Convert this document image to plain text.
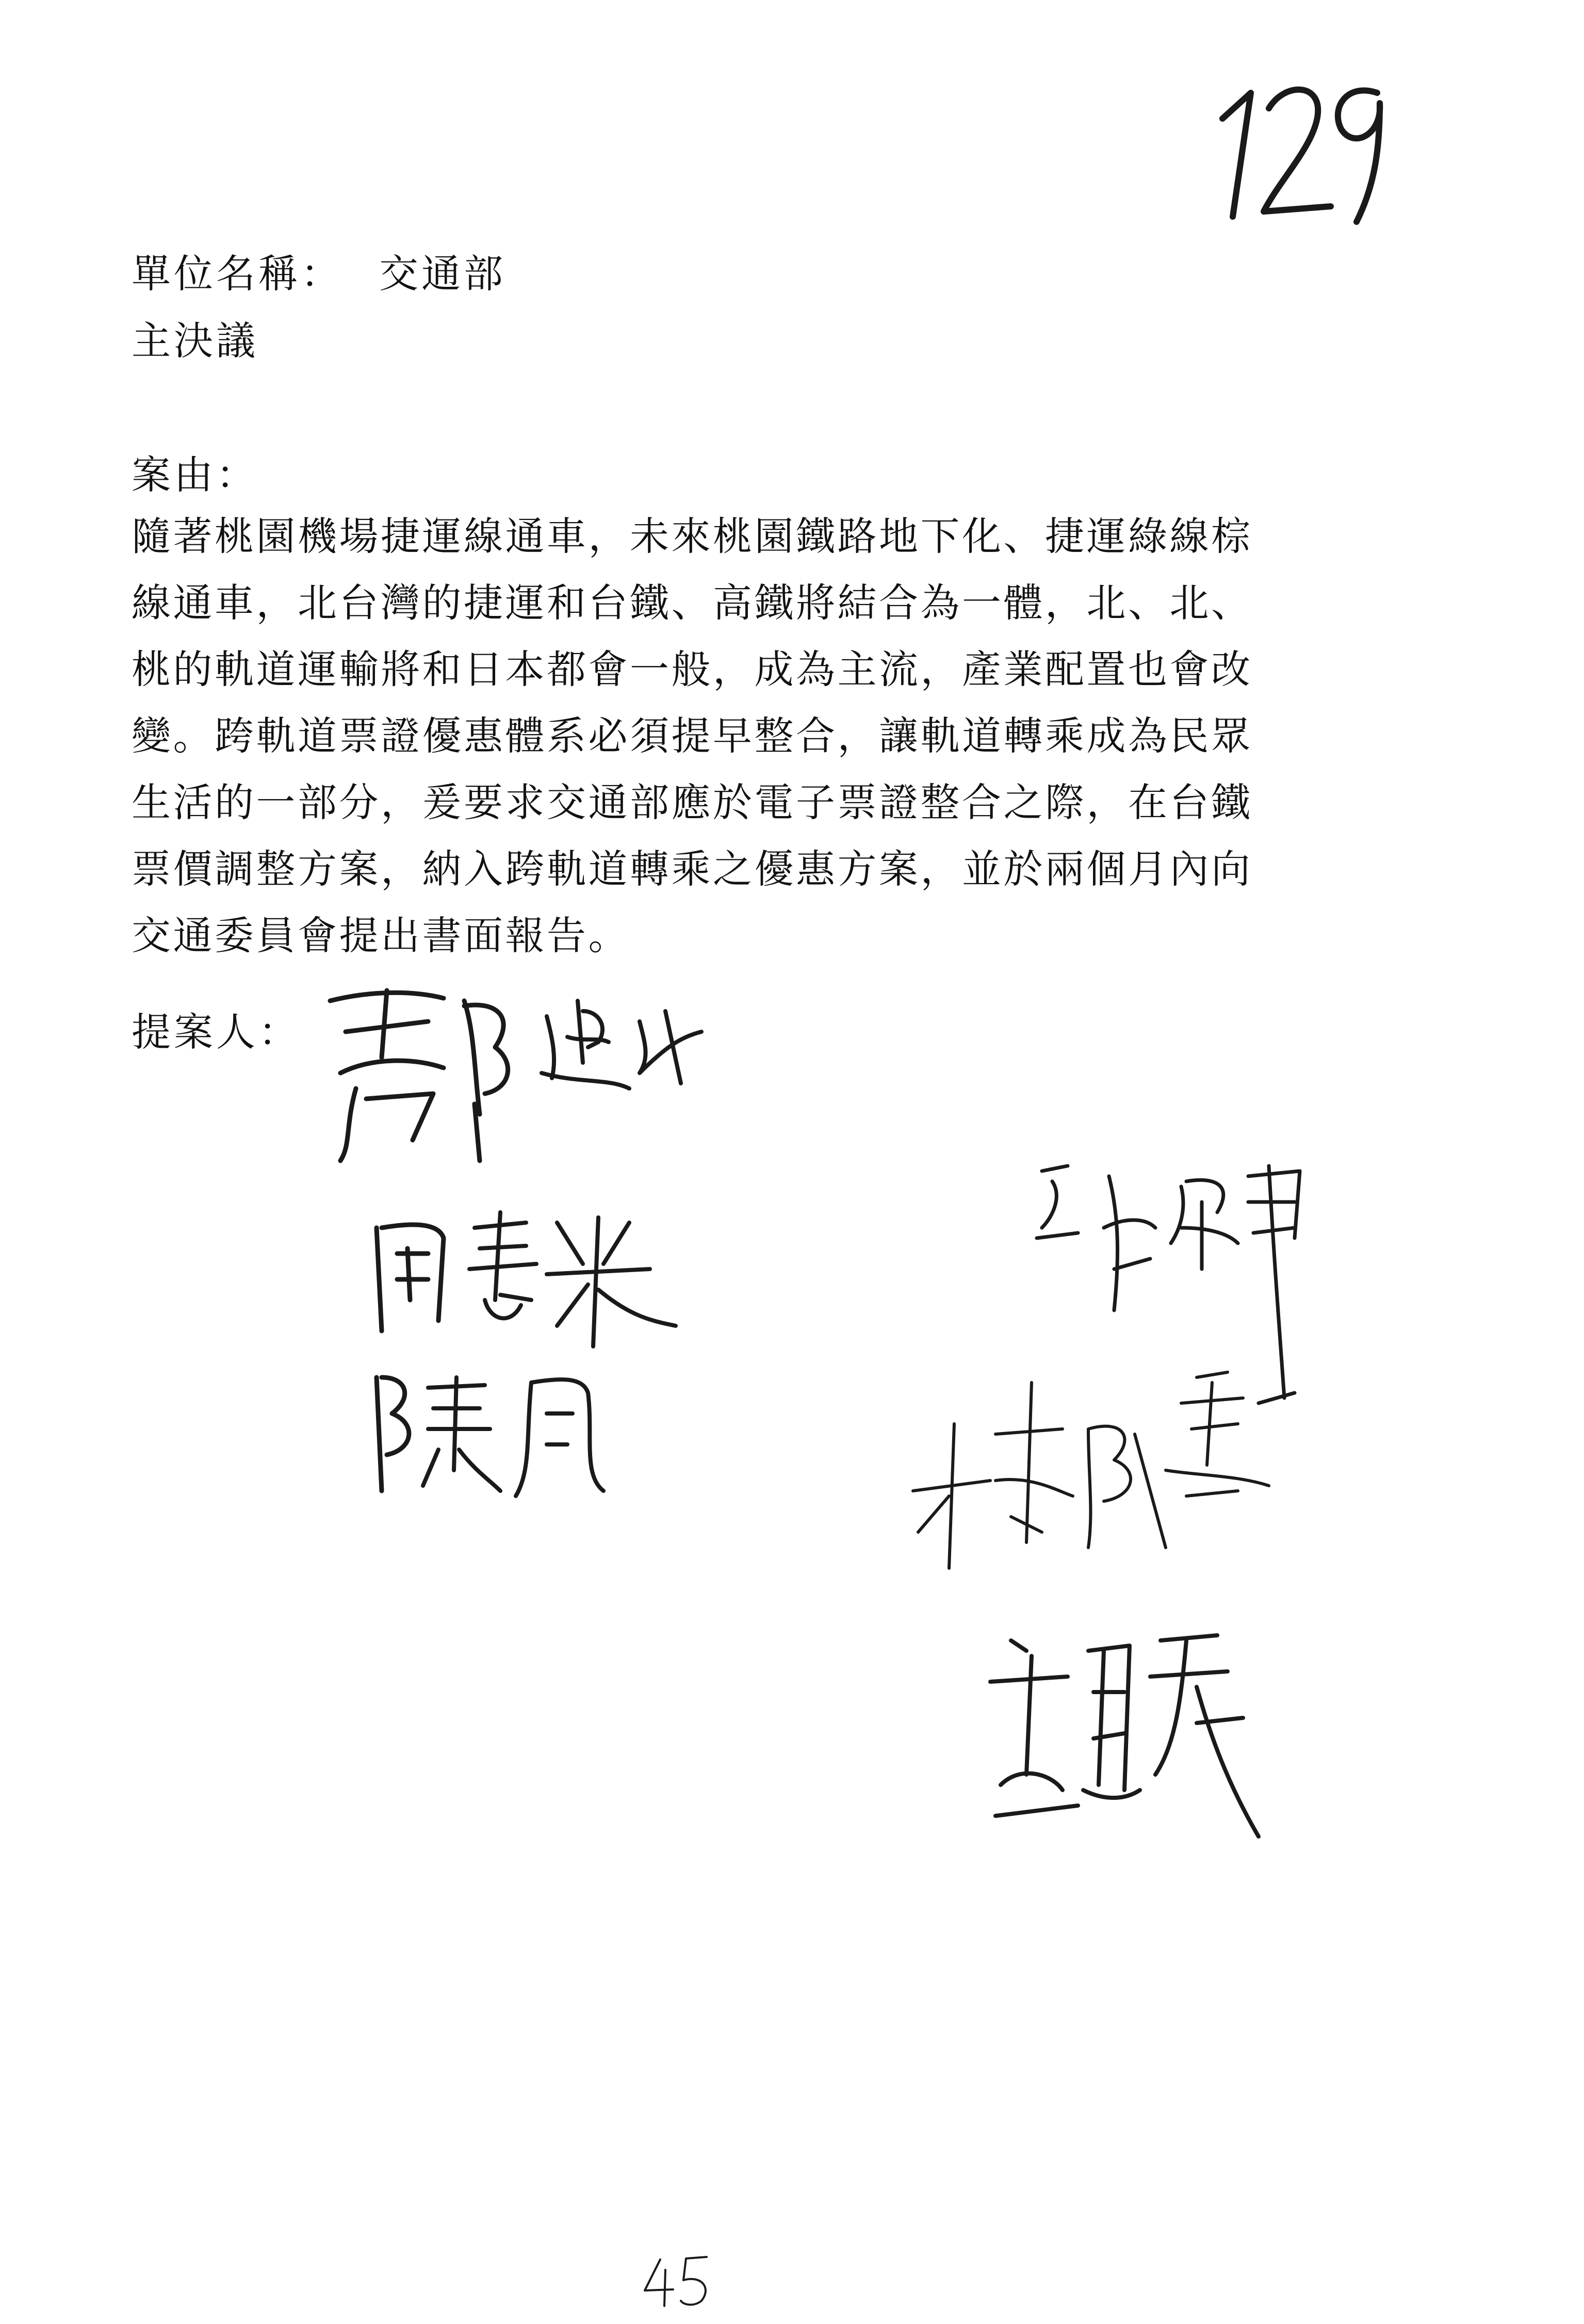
單位名稱： 交通部
主決議
案由：
隨著桃園機場捷運線通車，未來桃園鐵路地下化、捷運綠線棕
線通車，北台灣的捷運和台鐵、高鐵將結合為一體，北、北、
桃的軌道運輸將和日本都會一般，成為主流，產業配置也會改
變。跨軌道票證優惠體系必須提早整合，讓軌道轉乘成為民眾
生活的一部分，爰要求交通部應於電子票證整合之際，在台鐵
票價調整方案，納入跨軌道轉乘之優惠方案，並於兩個月內向
交通委員會提出書面報告。
提案人：
